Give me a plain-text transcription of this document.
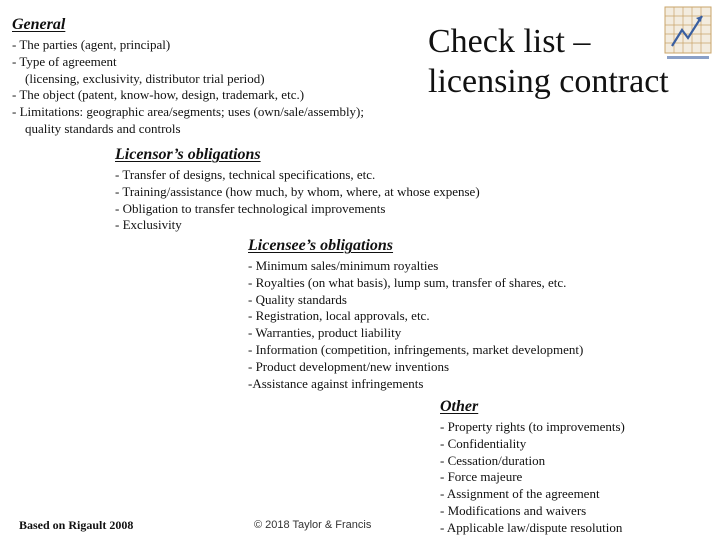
Check list –
licensing contract
General
- The parties (agent, principal)
- Type of agreement
(licensing, exclusivity, distributor trial period)
- The object (patent, know-how, design, trademark, etc.)
- Limitations: geographic area/segments; uses (own/sale/assembly);
quality standards and controls
Licensor’s obligations
- Transfer of designs, technical specifications, etc.
- Training/assistance (how much, by whom, where, at whose expense)
- Obligation to transfer technological improvements
- Exclusivity
Licensee’s obligations
- Minimum sales/minimum royalties
- Royalties (on what basis), lump sum, transfer of shares, etc.
- Quality standards
- Registration, local approvals, etc.
- Warranties, product liability
- Information (competition, infringements, market development)
- Product development/new inventions
-Assistance against infringements
Other
- Property rights (to improvements)
- Confidentiality
- Cessation/duration
- Force majeure
- Assignment of the agreement
- Modifications and waivers
- Applicable law/dispute resolution
Based on Rigault 2008	© 2018 Taylor & Francis
